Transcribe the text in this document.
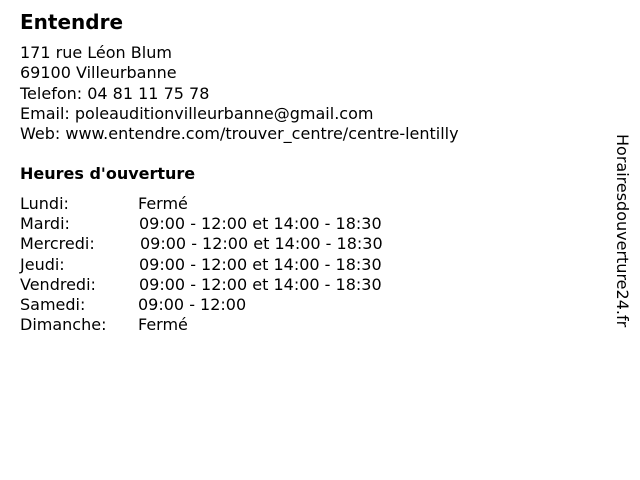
Entendre
171 rue Léon Blum
69100 Villeurbanne
Telefon: 04 81 11 75 78
Email: poleauditionvilleurbanne@gmail.com
Web: www.entendre.com/trouver_centre/centre-lentilly
Heures d'ouverture
Lundi:	Fermé
Mardi:	09:00 - 12:00 et 14:00 - 18:30
Mercredi:	09:00 - 12:00 et 14:00 - 18:30
Jeudi:	09:00 - 12:00 et 14:00 - 18:30
Vendredi:	09:00 - 12:00 et 14:00 - 18:30
Samedi:	09:00 - 12:00
Dimanche: Fermé	Horairesdouverture24.fr
